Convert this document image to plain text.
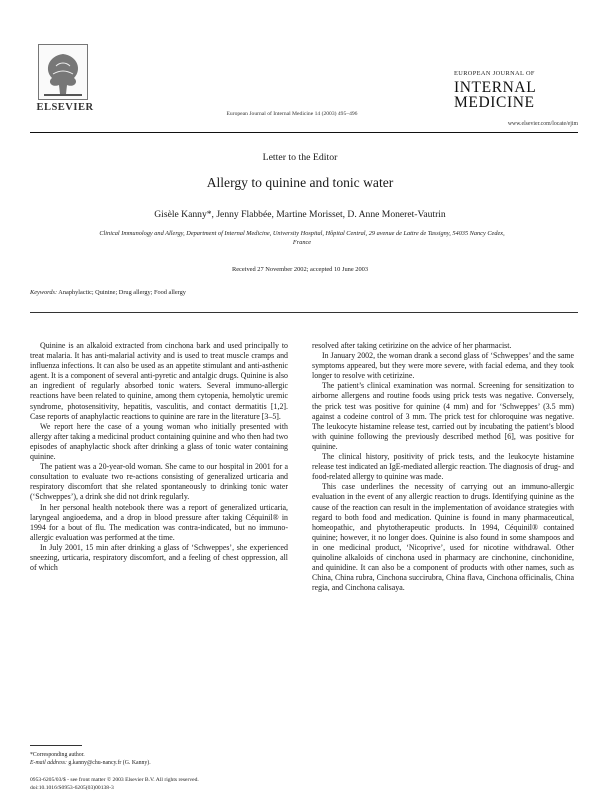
ELSEVIER
European Journal of Internal Medicine 14 (2003) 495–496
EUROPEAN JOURNAL OF
INTERNAL
MEDICINE
www.elsevier.com/locate/ejim
Letter to the Editor
Allergy to quinine and tonic water
Gisèle Kanny*, Jenny Flabbée, Martine Morisset, D. Anne Moneret-Vautrin
Clinical Immunology and Allergy, Department of Internal Medicine, University Hospital, Hôpital Central, 29 avenue de Lattre de Tassigny, 54035 Nancy Cedex, France
Received 27 November 2002; accepted 10 June 2003
Keywords: Anaphylactic; Quinine; Drug allergy; Food allergy

Quinine is an alkaloid extracted from cinchona bark and used principally to treat malaria. It has anti-malarial activity and is used to treat muscle cramps and influenza infections. It can also be used as an appetite stimulant and anti-asthenic agent. It is a component of several anti-pyretic and antalgic drugs. Quinine is also an ingredient of regularly absorbed tonic waters. Several immuno-allergic reactions have been related to quinine, among them cytopenia, hemolytic uremic syndrome, photosensitivity, hepatitis, vasculitis, and contact dermatitis [1,2]. Case reports of anaphylactic reactions to quinine are rare in the literature [3–5].

We report here the case of a young woman who initially presented with allergy after taking a medicinal product containing quinine and who then had two episodes of anaphylactic shock after drinking a glass of tonic water containing quinine.

The patient was a 20-year-old woman. She came to our hospital in 2001 for a consultation to evaluate two re-actions consisting of generalized urticaria and respiratory discomfort that she related spontaneously to drinking tonic water (‘Schweppes’), a drink she did not drink regularly.

In her personal health notebook there was a report of generalized urticaria, laryngeal angioedema, and a drop in blood pressure after taking Céquinil® in 1994 for a bout of flu. The medication was contra-indicated, but no immuno-allergic evaluation was performed at the time.

In July 2001, 15 min after drinking a glass of ‘Schweppes’, she experienced sneezing, urticaria, respiratory discomfort, and a feeling of chest oppression, all of which

resolved after taking cetirizine on the advice of her pharmacist.

In January 2002, the woman drank a second glass of ‘Schweppes’ and the same symptoms appeared, but they were more severe, with facial edema, and they took longer to resolve with cetirizine.

The patient’s clinical examination was normal. Screening for sensitization to airborne allergens and routine foods using prick tests was negative. Conversely, the prick test was positive for quinine (4 mm) and for ‘Schweppes’ (3.5 mm) against a codeine control of 3 mm. The prick test for chloroquine was negative. The leukocyte histamine release test, carried out by incubating the patient’s blood with quinine following the previously described method [6], was positive for quinine.

The clinical history, positivity of prick tests, and the leukocyte histamine release test indicated an IgE-mediated allergic reaction. The diagnosis of drug- and food-related allergy to quinine was made.

This case underlines the necessity of carrying out an immuno-allergic evaluation in the event of any allergic reaction to drugs. Identifying quinine as the cause of the reaction can result in the implementation of avoidance strategies with regard to both food and medication. Quinine is found in many pharmaceutical, homeopathic, and phytotherapeutic products. In 1994, Céquinil® contained quinine; however, it no longer does. Quinine is also found in some shampoos and in one medicinal product, ‘Nicoprive’, used for nicotine withdrawal. Other quinoline alkaloids of cinchona used in pharmacy are cinchonine, cinchonidine, and quinidine. It can also be a component of products with other names, such as China, China rubra, Cinchona succirubra, China flava, Cinchona officinalis, China regia, and Cinchona calisaya.

*Corresponding author.
E-mail address: g.kanny@chu-nancy.fr (G. Kanny).
0953-6205/03/$ - see front matter © 2003 Elsevier B.V. All rights reserved.
doi:10.1016/S0953-6205(03)00138-3
